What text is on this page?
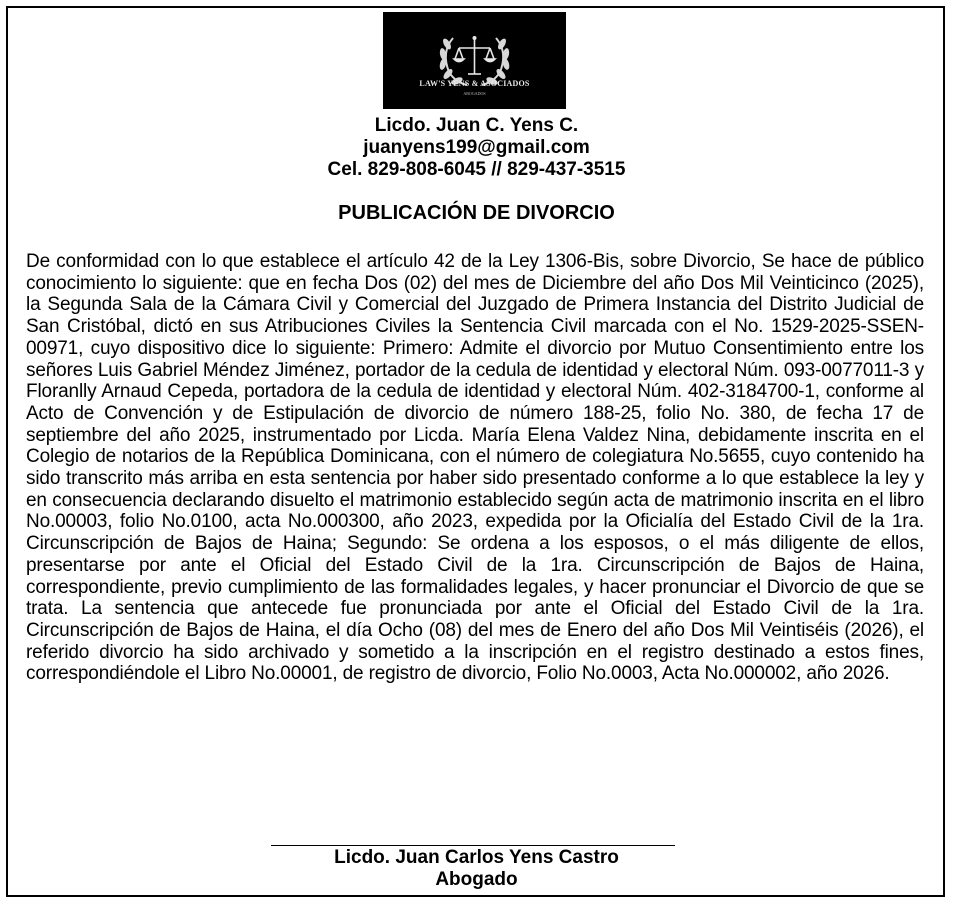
LAW'S YENS & ASOCIADOS
ABOGADOS
Licdo. Juan C. Yens C.
juanyens199@gmail.com
Cel. 829-808-6045 // 829-437-3515
PUBLICACIÓN DE DIVORCIO
De conformidad con lo que establece el artículo 42 de la Ley 1306-Bis, sobre Divorcio, Se hace de público conocimiento lo siguiente: que en fecha Dos (02) del mes de Diciembre del año Dos Mil Veinticinco (2025), la Segunda Sala de la Cámara Civil y Comercial del Juzgado de Primera Instancia del Distrito Judicial de San Cristóbal, dictó en sus Atribuciones Civiles la Sentencia Civil marcada con el No. 1529-2025-SSEN-00971, cuyo dispositivo dice lo siguiente: Primero: Admite el divorcio por Mutuo Consentimiento entre los señores Luis Gabriel Méndez Jiménez, portador de la cedula de identidad y electoral Núm. 093-0077011-3 y Floranlly Arnaud Cepeda, portadora de la cedula de identidad y electoral Núm. 402-3184700-1, conforme al Acto de Convención y de Estipulación de divorcio de número 188-25, folio No. 380, de fecha 17 de septiembre del año 2025, instrumentado por Licda. María Elena Valdez Nina, debidamente inscrita en el Colegio de notarios de la República Dominicana, con el número de colegiatura No.5655, cuyo contenido ha sido transcrito más arriba en esta sentencia por haber sido presentado conforme a lo que establece la ley y en consecuencia declarando disuelto el matrimonio establecido según acta de matrimonio inscrita en el libro No.00003, folio No.0100, acta No.000300, año 2023, expedida por la Oficialía del Estado Civil de la 1ra. Circunscripción de Bajos de Haina; Segundo: Se ordena a los esposos, o el más diligente de ellos, presentarse por ante el Oficial del Estado Civil de la 1ra. Circunscripción de Bajos de Haina, correspondiente, previo cumplimiento de las formalidades legales, y hacer pronunciar el Divorcio de que se trata. La sentencia que antecede fue pronunciada por ante el Oficial del Estado Civil de la 1ra. Circunscripción de Bajos de Haina, el día Ocho (08) del mes de Enero del año Dos Mil Veintiséis (2026), el referido divorcio ha sido archivado y sometido a la inscripción en el registro destinado a estos fines, correspondiéndole el Libro No.00001, de registro de divorcio, Folio No.0003, Acta No.000002, año 2026.
Licdo. Juan Carlos Yens Castro
Abogado
